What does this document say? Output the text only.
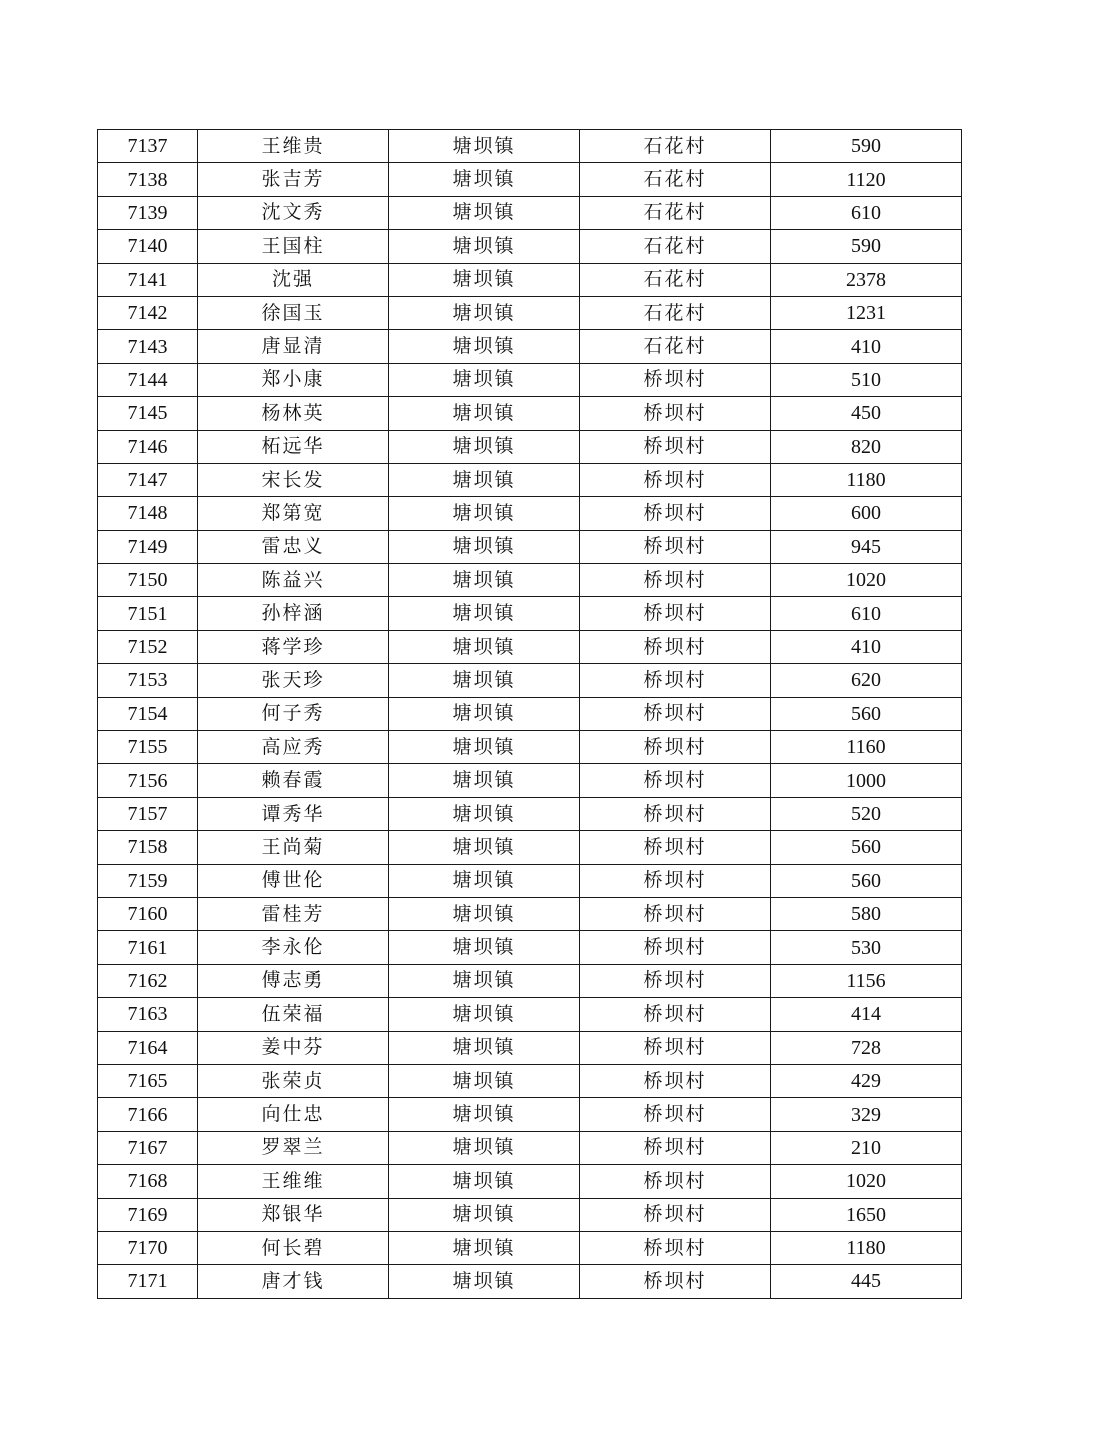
7137	王维贵	塘坝镇	石花村	590
7138	张吉芳	塘坝镇	石花村	1120
7139	沈文秀	塘坝镇	石花村	610
7140	王国柱	塘坝镇	石花村	590
7141	沈强	塘坝镇	石花村	2378
7142	徐国玉	塘坝镇	石花村	1231
7143	唐显清	塘坝镇	石花村	410
7144	郑小康	塘坝镇	桥坝村	510
7145	杨林英	塘坝镇	桥坝村	450
7146	柘远华	塘坝镇	桥坝村	820
7147	宋长发	塘坝镇	桥坝村	1180
7148	郑第宽	塘坝镇	桥坝村	600
7149	雷忠义	塘坝镇	桥坝村	945
7150	陈益兴	塘坝镇	桥坝村	1020
7151	孙梓涵	塘坝镇	桥坝村	610
7152	蒋学珍	塘坝镇	桥坝村	410
7153	张天珍	塘坝镇	桥坝村	620
7154	何子秀	塘坝镇	桥坝村	560
7155	高应秀	塘坝镇	桥坝村	1160
7156	赖春霞	塘坝镇	桥坝村	1000
7157	谭秀华	塘坝镇	桥坝村	520
7158	王尚菊	塘坝镇	桥坝村	560
7159	傅世伦	塘坝镇	桥坝村	560
7160	雷桂芳	塘坝镇	桥坝村	580
7161	李永伦	塘坝镇	桥坝村	530
7162	傅志勇	塘坝镇	桥坝村	1156
7163	伍荣福	塘坝镇	桥坝村	414
7164	姜中芬	塘坝镇	桥坝村	728
7165	张荣贞	塘坝镇	桥坝村	429
7166	向仕忠	塘坝镇	桥坝村	329
7167	罗翠兰	塘坝镇	桥坝村	210
7168	王维维	塘坝镇	桥坝村	1020
7169	郑银华	塘坝镇	桥坝村	1650
7170	何长碧	塘坝镇	桥坝村	1180
7171	唐才钱	塘坝镇	桥坝村	445
